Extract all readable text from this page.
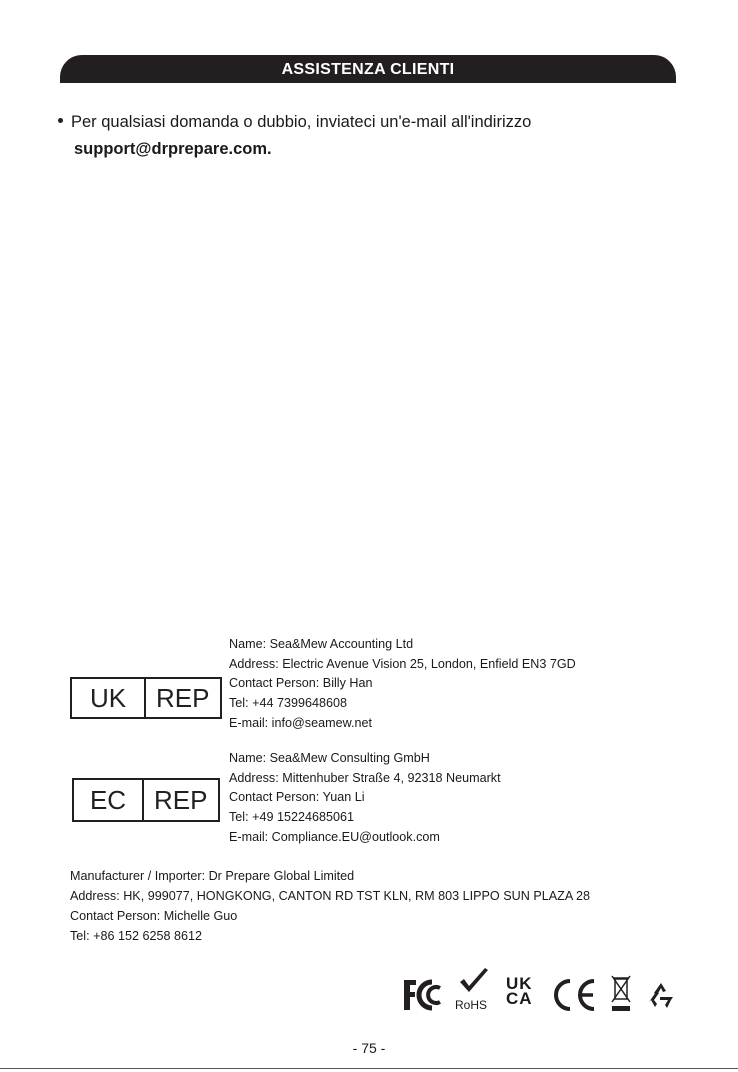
ASSISTENZA CLIENTI
Per qualsiasi domanda o dubbio, inviateci un'e-mail all'indirizzo
support@drprepare.com.
UK	REP
Name: Sea&Mew Accounting Ltd
Address: Electric Avenue Vision 25, London, Enfield EN3 7GD
Contact Person: Billy Han
Tel: +44 7399648608
E-mail: info@seamew.net
EC	REP
Name: Sea&Mew Consulting GmbH
Address: Mittenhuber Straße 4, 92318 Neumarkt
Contact Person: Yuan Li
Tel: +49 15224685061
E-mail: Compliance.EU@outlook.com
Manufacturer / Importer: Dr Prepare Global Limited
Address: HK, 999077, HONGKONG, CANTON RD TST KLN, RM 803 LIPPO SUN PLAZA 28
Contact Person: Michelle Guo
Tel: +86 152 6258 8612
RoHS
UK
CA
- 75 -
